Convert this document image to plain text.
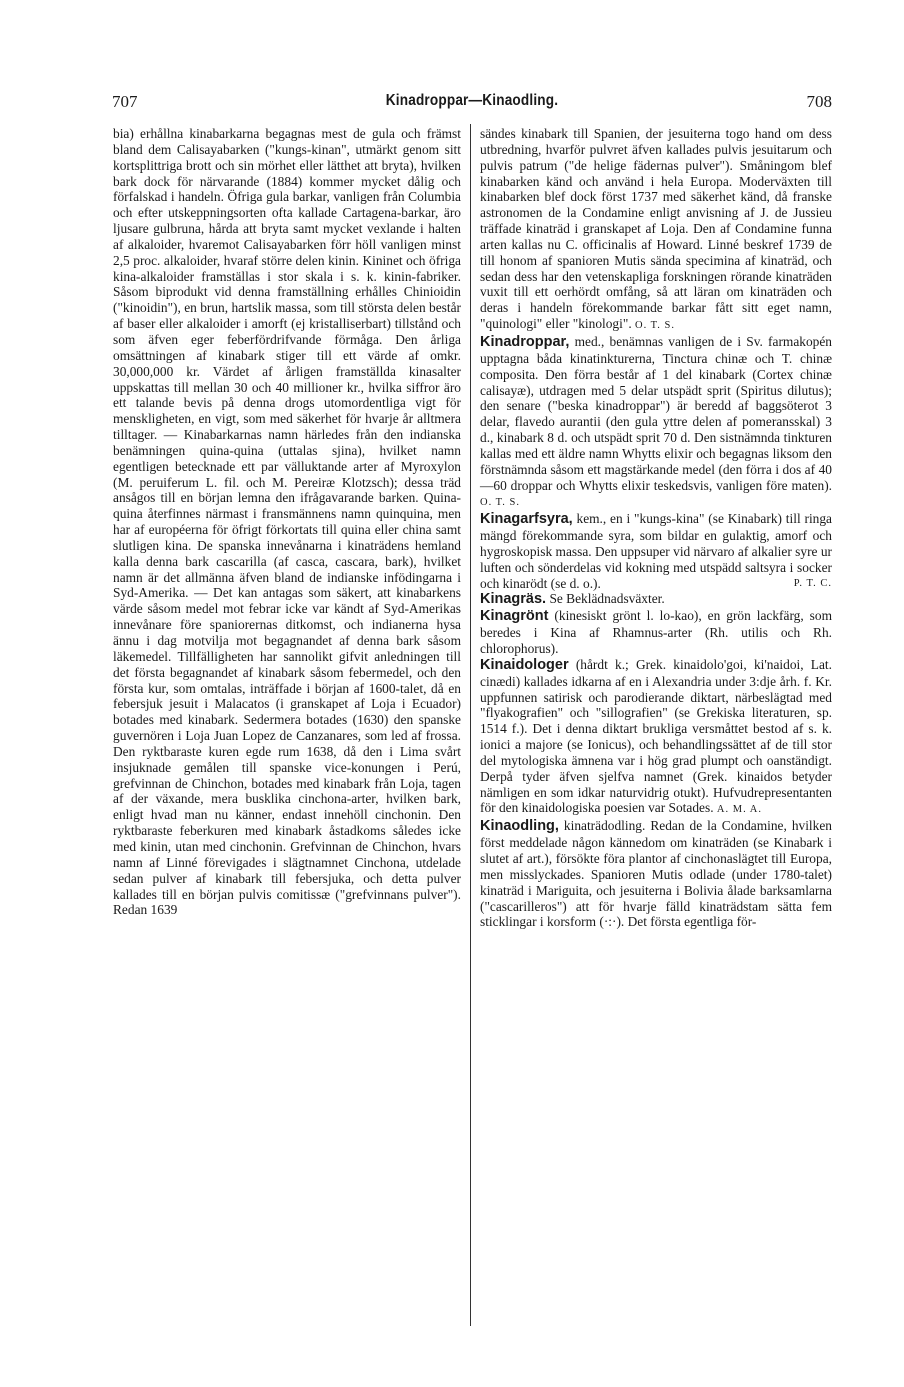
707	Kinadroppar—Kinaodling.	708

bia) erhållna kinabarkarna begagnas mest de gula och främst bland dem Calisayabarken ("kungs-kinan", utmärkt genom sitt kortsplittriga brott och sin mörhet eller lätthet att bryta), hvilken bark dock för närvarande (1884) kommer mycket dålig och förfalskad i handeln. Öfriga gula barkar, vanligen från Columbia och efter utskeppningsorten ofta kallade Cartagena-barkar, äro ljusare gulbruna, hårda att bryta samt mycket vexlande i halten af alkaloider, hvaremot Calisayabarken förr höll vanligen minst 2,5 proc. alkaloider, hvaraf större delen kinin. Kininet och öfriga kina-alkaloider framställas i stor skala i s. k. kinin-fabriker. Såsom biprodukt vid denna framställning erhålles Chinioidin ("kinoidin"), en brun, hartslik massa, som till största delen består af baser eller alkaloider i amorft (ej kristalliserbart) tillstånd och som äfven eger feberfördrifvande förmåga. Den årliga omsättningen af kinabark stiger till ett värde af omkr. 30,000,000 kr. Värdet af årligen framställda kinasalter uppskattas till mellan 30 och 40 millioner kr., hvilka siffror äro ett talande bevis på denna drogs utomordentliga vigt för menskligheten, en vigt, som med säkerhet för hvarje år alltmera tilltager. — Kinabarkarnas namn härledes från den indianska benämningen quina-quina (uttalas sjina), hvilket namn egentligen betecknade ett par välluktande arter af Myroxylon (M. peruiferum L. fil. och M. Pereiræ Klotzsch); dessa träd ansågos till en början lemna den ifrågavarande barken. Quina-quina återfinnes närmast i fransmännens namn quinquina, men har af européerna för öfrigt förkortats till quina eller china samt slutligen kina. De spanska innevånarna i kinaträdens hemland kalla denna bark cascarilla (af casca, cascara, bark), hvilket namn är det allmänna äfven bland de indianske infödingarna i Syd-Amerika. — Det kan antagas som säkert, att kinabarkens värde såsom medel mot febrar icke var kändt af Syd-Amerikas innevånare före spaniorernas ditkomst, och indianerna hysa ännu i dag motvilja mot begagnandet af denna bark såsom läkemedel. Tillfälligheten har sannolikt gifvit anledningen till det första begagnandet af kinabark såsom febermedel, och den första kur, som omtalas, inträffade i början af 1600-talet, då en febersjuk jesuit i Malacatos (i granskapet af Loja i Ecuador) botades med kinabark. Sedermera botades (1630) den spanske guvernören i Loja Juan Lopez de Canzanares, som led af frossa. Den ryktbaraste kuren egde rum 1638, då den i Lima svårt insjuknade gemålen till spanske vice-konungen i Perú, grefvinnan de Chinchon, botades med kinabark från Loja, tagen af der växande, mera busklika cinchona-arter, hvilken bark, enligt hvad man nu känner, endast innehöll cinchonin. Den ryktbaraste feberkuren med kinabark åstadkoms således icke med kinin, utan med cinchonin. Grefvinnan de Chinchon, hvars namn af Linné förevigades i slägtnamnet Cinchona, utdelade sedan pulver af kinabark till febersjuka, och detta pulver kallades till en början pulvis comitissæ ("grefvinnans pulver"). Redan 1639

sändes kinabark till Spanien, der jesuiterna togo hand om dess utbredning, hvarför pulvret äfven kallades pulvis jesuitarum och pulvis patrum ("de helige fädernas pulver"). Småningom blef kinabarken känd och använd i hela Europa. Moderväxten till kinabarken blef dock först 1737 med säkerhet känd, då franske astronomen de la Condamine enligt anvisning af J. de Jussieu träffade kinaträd i granskapet af Loja. Den af Condamine funna arten kallas nu C. officinalis af Howard. Linné beskref 1739 de till honom af spanioren Mutis sända specimina af kinaträd, och sedan dess har den vetenskapliga forskningen rörande kinaträden vuxit till ett oerhördt omfång, så att läran om kinaträden och deras i handeln förekommande barkar fått sitt eget namn, "quinologi" eller "kinologi". O. T. S.

Kinadroppar, med., benämnas vanligen de i Sv. farmakopén upptagna båda kinatinkturerna, Tinctura chinæ och T. chinæ composita. Den förra består af 1 del kinabark (Cortex chinæ calisayæ), utdragen med 5 delar utspädt sprit (Spiritus dilutus); den senare ("beska kinadroppar") är beredd af baggsöterot 3 delar, flavedo aurantii (den gula yttre delen af pomeransskal) 3 d., kinabark 8 d. och utspädt sprit 70 d. Den sistnämnda tinkturen kallas med ett äldre namn Whytts elixir och begagnas liksom den förstnämnda såsom ett magstärkande medel (den förra i dos af 40—60 droppar och Whytts elixir teskedsvis, vanligen före maten). O. T. S.

Kinagarfsyra, kem., en i "kungs-kina" (se Kinabark) till ringa mängd förekommande syra, som bildar en gulaktig, amorf och hygroskopisk massa. Den uppsuper vid närvaro af alkalier syre ur luften och sönderdelas vid kokning med utspädd saltsyra i socker och kinarödt (se d. o.).	P. T. C.

Kinagräs. Se Beklädnadsväxter.

Kinagrönt (kinesiskt grönt l. lo-kao), en grön lackfärg, som beredes i Kina af Rhamnus-arter (Rh. utilis och Rh. chlorophorus).

Kinaidologer (hårdt k.; Grek. kinaidolo'goi, ki'naidoi, Lat. cinædi) kallades idkarna af en i Alexandria under 3:dje årh. f. Kr. uppfunnen satirisk och parodierande diktart, närbeslägtad med "flyakografien" och "sillografien" (se Grekiska literaturen, sp. 1514 f.). Det i denna diktart brukliga versmåttet bestod af s. k. ionici a majore (se Ionicus), och behandlingssättet af de till stor del mytologiska ämnena var i hög grad plumpt och oanständigt. Derpå tyder äfven sjelfva namnet (Grek. kinaidos betyder nämligen en som idkar naturvidrig otukt). Hufvudrepresentanten för den kinaidologiska poesien var Sotades. A. M. A.

Kinaodling, kinaträdodling. Redan de la Condamine, hvilken först meddelade någon kännedom om kinaträden (se Kinabark i slutet af art.), försökte föra plantor af cinchonaslägtet till Europa, men misslyckades. Spanioren Mutis odlade (under 1780-talet) kinaträd i Mariguita, och jesuiterna i Bolivia ålade barksamlarna ("cascarilleros") att för hvarje fälld kinaträdstam sätta fem sticklingar i korsform (·:·). Det första egentliga för-
